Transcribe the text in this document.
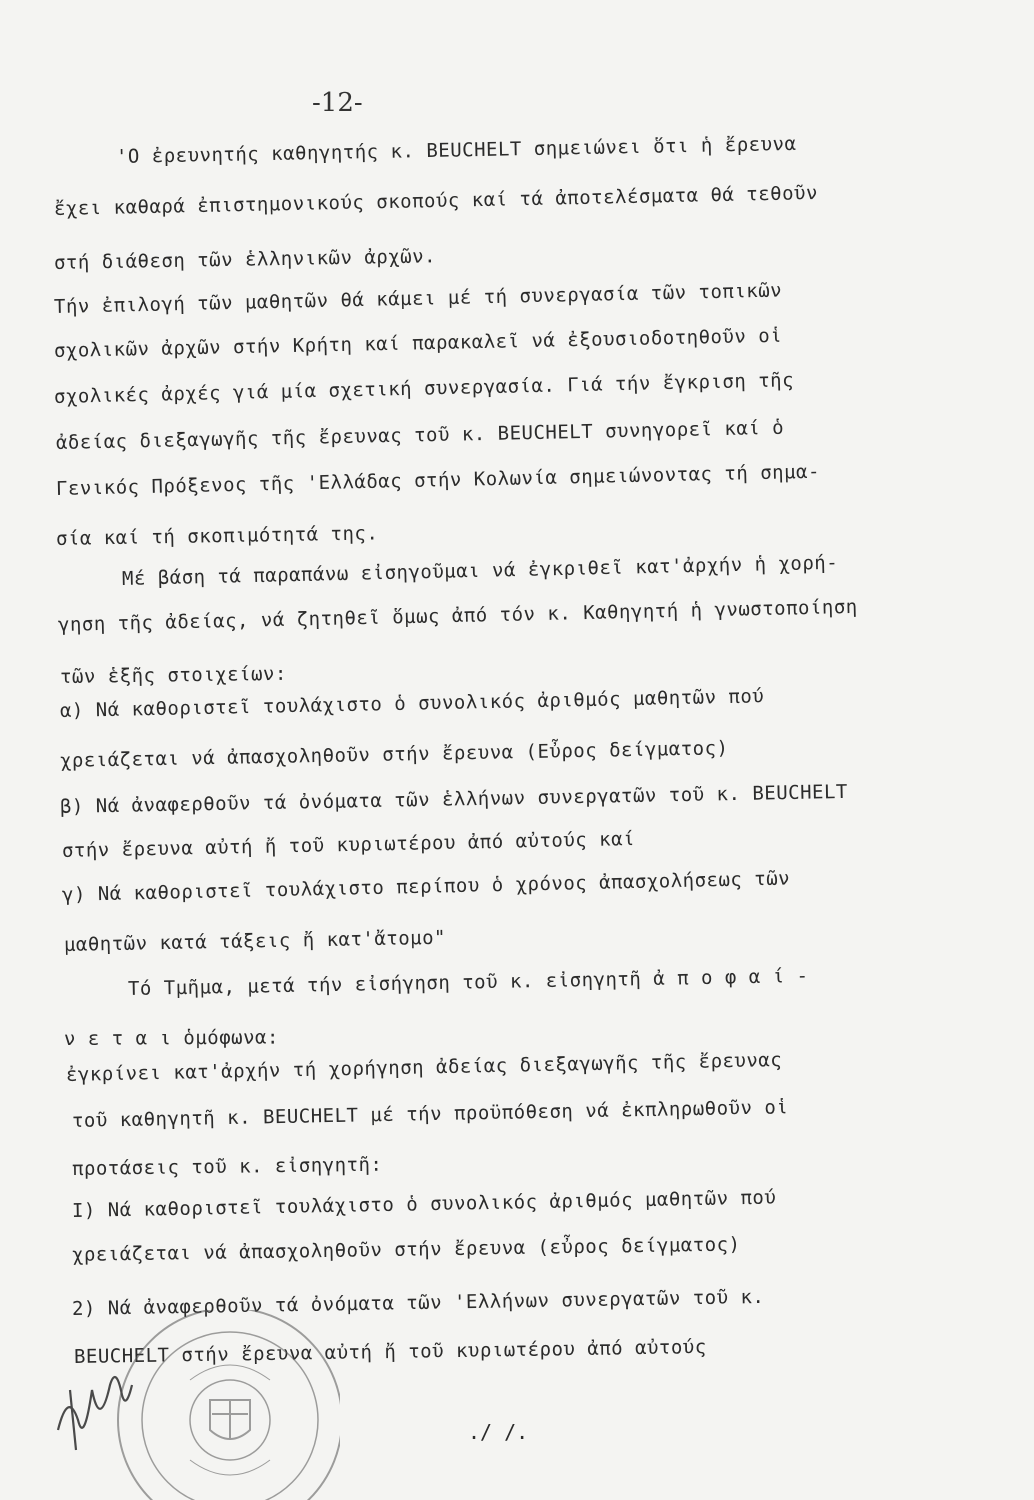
-12-
'Ο ἐρευνητής καθηγητής κ. BEUCHELT σημειώνει ὅτι ἡ ἔρευνα
ἔχει καθαρά ἐπιστημονικούς σκοπούς καί τά ἀποτελέσματα θά τεθοῦν
στή διάθεση τῶν ἑλληνικῶν ἀρχῶν.
Τήν ἐπιλογή τῶν μαθητῶν θά κάμει μέ τή συνεργασία τῶν τοπικῶν
σχολικῶν ἀρχῶν στήν Κρήτη καί παρακαλεῖ νά ἐξουσιοδοτηθοῦν οἱ
σχολικές ἀρχές γιά μία σχετική συνεργασία. Γιά τήν ἔγκριση τῆς
ἀδείας διεξαγωγῆς τῆς ἔρευνας τοῦ κ. BEUCHELT συνηγορεῖ καί ὁ
Γενικός Πρόξενος τῆς 'Ελλάδας στήν Κολωνία σημειώνοντας τή σημα-
σία καί τή σκοπιμότητά της.
Μέ βάση τά παραπάνω εἰσηγοῦμαι νά ἐγκριθεῖ κατ'ἀρχήν ἡ χορή-
γηση τῆς ἀδείας, νά ζητηθεῖ ὅμως ἀπό τόν κ. Καθηγητή ἡ γνωστοποίηση
τῶν ἑξῆς στοιχείων:
α) Νά καθοριστεῖ τουλάχιστο ὁ συνολικός ἀριθμός μαθητῶν πού
χρειάζεται νά ἀπασχοληθοῦν στήν ἔρευνα (Εὖρος δείγματος)
β) Νά ἀναφερθοῦν τά ὀνόματα τῶν ἑλλήνων συνεργατῶν τοῦ κ. BEUCHELT
στήν ἔρευνα αὐτή ἤ τοῦ κυριωτέρου ἀπό αὐτούς καί
γ) Νά καθοριστεῖ τουλάχιστο περίπου ὁ χρόνος ἀπασχολήσεως τῶν
μαθητῶν κατά τάξεις ἤ κατ'ἄτομο"
Τό Τμῆμα, μετά τήν εἰσήγηση τοῦ κ. εἰσηγητῆ ἀ π ο φ α ί -
ν ε τ α ι ὁμόφωνα:
ἐγκρίνει κατ'ἀρχήν τή χορήγηση ἀδείας διεξαγωγῆς τῆς ἔρευνας
τοῦ καθηγητῆ κ. BEUCHELT μέ τήν προϋπόθεση νά ἐκπληρωθοῦν οἱ
προτάσεις τοῦ κ. εἰσηγητῆ:
I) Νά καθοριστεῖ τουλάχιστο ὁ συνολικός ἀριθμός μαθητῶν πού
χρειάζεται νά ἀπασχοληθοῦν στήν ἔρευνα (εὖρος δείγματος)
2) Νά ἀναφερθοῦν τά ὀνόματα τῶν 'Ελλήνων συνεργατῶν τοῦ κ.
BEUCHELT στήν ἔρευνα αὐτή ἤ τοῦ κυριωτέρου ἀπό αὐτούς
./ /.
